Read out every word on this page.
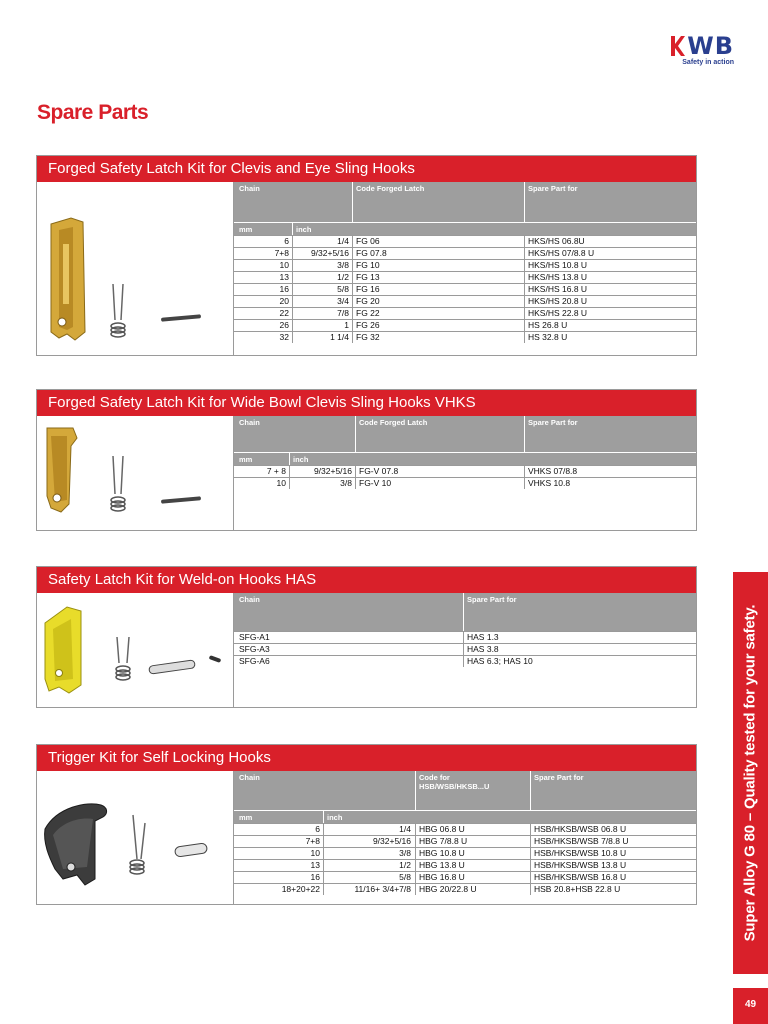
WB
Safety in action
Spare Parts
Forged Safety Latch Kit for Clevis and Eye Sling Hooks
Chain	Code Forged Latch	Spare Part for
mm	inch
6	1/4 FG 06	HKS/HS 06.8U
7+8	9/32+5/16 FG 07.8	HKS/HS 07/8.8 U
10	3/8 FG 10	HKS/HS 10.8 U
13	1/2 FG 13	HKS/HS 13.8 U
16	5/8 FG 16	HKS/HS 16.8 U
20	3/4 FG 20	HKS/HS 20.8 U
22	7/8 FG 22	HKS/HS 22.8 U
26	1 FG 26	HS 26.8 U
32	1 1/4 FG 32	HS 32.8 U
Forged Safety Latch Kit for Wide Bowl Clevis Sling Hooks VHKS
Chain	Code Forged Latch	Spare Part for
mm	inch
7 + 8	9/32+5/16 FG-V 07.8	VHKS 07/8.8
10	3/8 FG-V 10	VHKS 10.8
Safety Latch Kit for Weld-on Hooks HAS
Chain	Spare Part for
SFG-A1	HAS 1.3
SFG-A3	HAS 3.8
SFG-A6	HAS 6.3; HAS 10
Trigger Kit for Self Locking Hooks
Chain	Code for
HSB/WSB/HKSB...U
Spare Part for
mm	inch
6	1/4 HBG 06.8 U	HSB/HKSB/WSB 06.8 U
7+8	9/32+5/16 HBG 7/8.8 U	HSB/HKSB/WSB 7/8.8 U
10	3/8 HBG 10.8 U	HSB/HKSB/WSB 10.8 U
13	1/2 HBG 13.8 U	HSB/HKSB/WSB 13.8 U
16	5/8 HBG 16.8 U	HSB/HKSB/WSB 16.8 U
18+20+22	11/16+ 3/4+7/8 HBG 20/22.8 U	HSB 20.8+HSB 22.8 U	Super Alloy G 80 – Quality tested for your safety.
49
